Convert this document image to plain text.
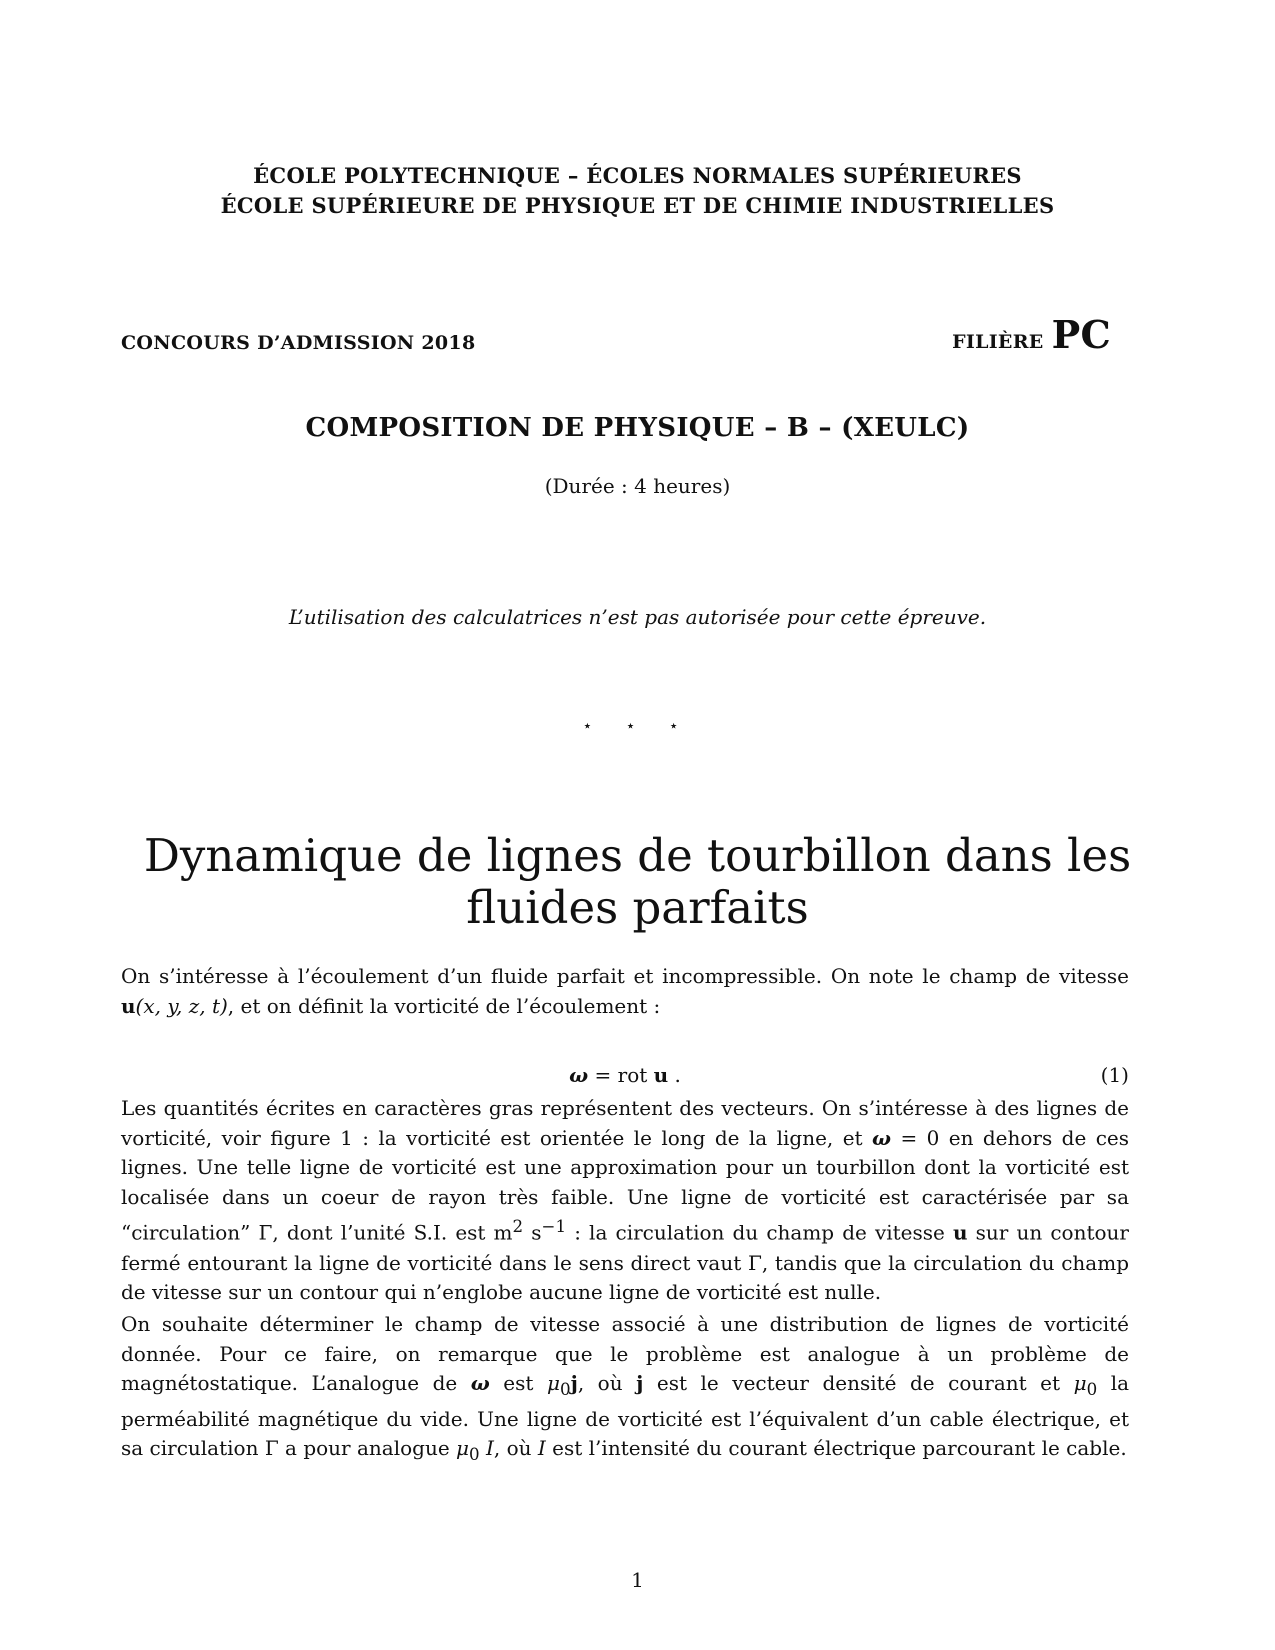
ÉCOLE POLYTECHNIQUE – ÉCOLES NORMALES SUPÉRIEURES
ÉCOLE SUPÉRIEURE DE PHYSIQUE ET DE CHIMIE INDUSTRIELLES
CONCOURS D’ADMISSION 2018	FILIÈRE PC
COMPOSITION DE PHYSIQUE – B – (XEULC)
(Durée : 4 heures)
L’utilisation des calculatrices n’est pas autorisée pour cette épreuve.
⋆ ⋆ ⋆
Dynamique de lignes de tourbillon dans les
fluides parfaits

On s’intéresse à l’écoulement d’un fluide parfait et incompressible. On note le champ de vitesse u(x, y, z, t), et on définit la vorticité de l’écoulement :

ω = rot u .	(1)

Les quantités écrites en caractères gras représentent des vecteurs. On s’intéresse à des lignes de vorticité, voir figure 1 : la vorticité est orientée le long de la ligne, et ω = 0 en dehors de ces lignes. Une telle ligne de vorticité est une approximation pour un tourbillon dont la vorticité est localisée dans un coeur de rayon très faible. Une ligne de vorticité est caractérisée par sa “circulation” Γ, dont l’unité S.I. est $m^2$ $s^{-1}$ : la circulation du champ de vitesse u sur un contour fermé entourant la ligne de vorticité dans le sens direct vaut Γ, tandis que la circulation du champ de vitesse sur un contour qui n’englobe aucune ligne de vorticité est nulle.

On souhaite déterminer le champ de vitesse associé à une distribution de lignes de vorticité donnée. Pour ce faire, on remarque que le problème est analogue à un problème de magnétostatique. L’analogue de ω est $\mu_0j$, où j est le vecteur densité de courant et $\mu_0$ la perméabilité magnétique du vide. Une ligne de vorticité est l’équivalent d’un cable électrique, et sa circulation Γ a pour analogue $\mu_0$ I, où I est l’intensité du courant électrique parcourant le cable.

1
